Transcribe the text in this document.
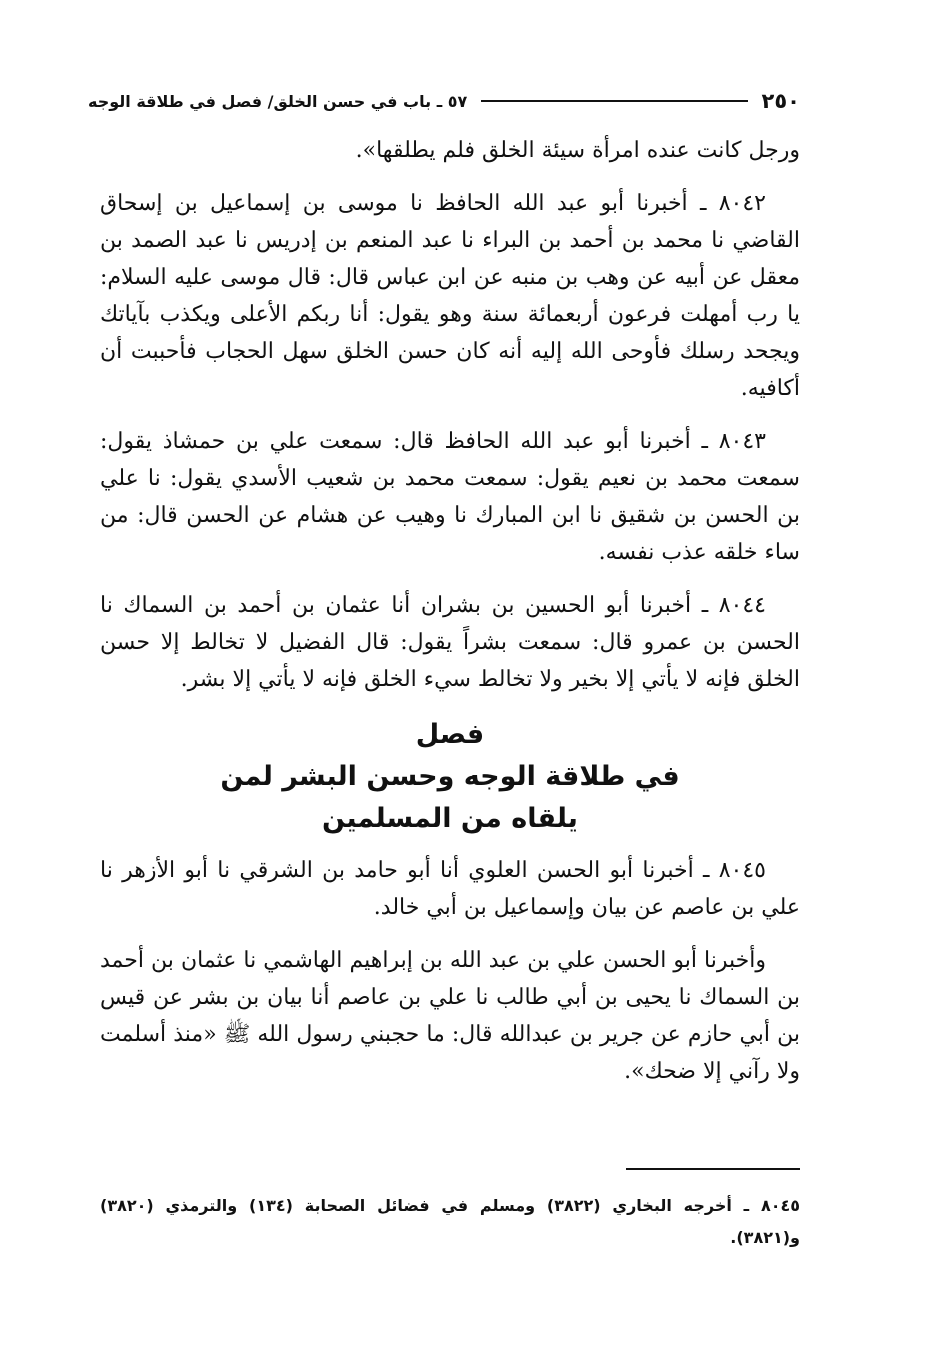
٢٥٠
٥٧ ـ باب في حسن الخلق/ فصل في طلاقة الوجه

ورجل كانت عنده امرأة سيئة الخلق فلم يطلقها».

٨٠٤٢ ـ أخبرنا أبو عبد الله الحافظ نا موسى بن إسماعيل بن إسحاق القاضي نا محمد بن أحمد بن البراء نا عبد المنعم بن إدريس نا عبد الصمد بن معقل عن أبيه عن وهب بن منبه عن ابن عباس قال: قال موسى عليه السلام: يا رب أمهلت فرعون أربعمائة سنة وهو يقول: أنا ربكم الأعلى ويكذب بآياتك ويجحد رسلك فأوحى الله إليه أنه كان حسن الخلق سهل الحجاب فأحببت أن أكافيه.

٨٠٤٣ ـ أخبرنا أبو عبد الله الحافظ قال: سمعت علي بن حمشاذ يقول: سمعت محمد بن نعيم يقول: سمعت محمد بن شعيب الأسدي يقول: نا علي بن الحسن بن شقيق نا ابن المبارك نا وهيب عن هشام عن الحسن قال: من ساء خلقه عذب نفسه.

٨٠٤٤ ـ أخبرنا أبو الحسين بن بشران أنا عثمان بن أحمد بن السماك نا الحسن بن عمرو قال: سمعت بشراً يقول: قال الفضيل لا تخالط إلا حسن الخلق فإنه لا يأتي إلا بخير ولا تخالط سيء الخلق فإنه لا يأتي إلا بشر.

فصل
في طلاقة الوجه وحسن البشر لمن
يلقاه من المسلمين

٨٠٤٥ ـ أخبرنا أبو الحسن العلوي أنا أبو حامد بن الشرقي نا أبو الأزهر نا علي بن عاصم عن بيان وإسماعيل بن أبي خالد.

وأخبرنا أبو الحسن علي بن عبد الله بن إبراهيم الهاشمي نا عثمان بن أحمد بن السماك نا يحيى بن أبي طالب نا علي بن عاصم أنا بيان بن بشر عن قيس بن أبي حازم عن جرير بن عبدالله قال: ما حجبني رسول الله ﷺ «منذ أسلمت ولا رآني إلا ضحك».

٨٠٤٥ ـ أخرجه البخاري (٣٨٢٢) ومسلم في فضائل الصحابة (١٣٤) والترمذي (٣٨٢٠) و(٣٨٢١).
